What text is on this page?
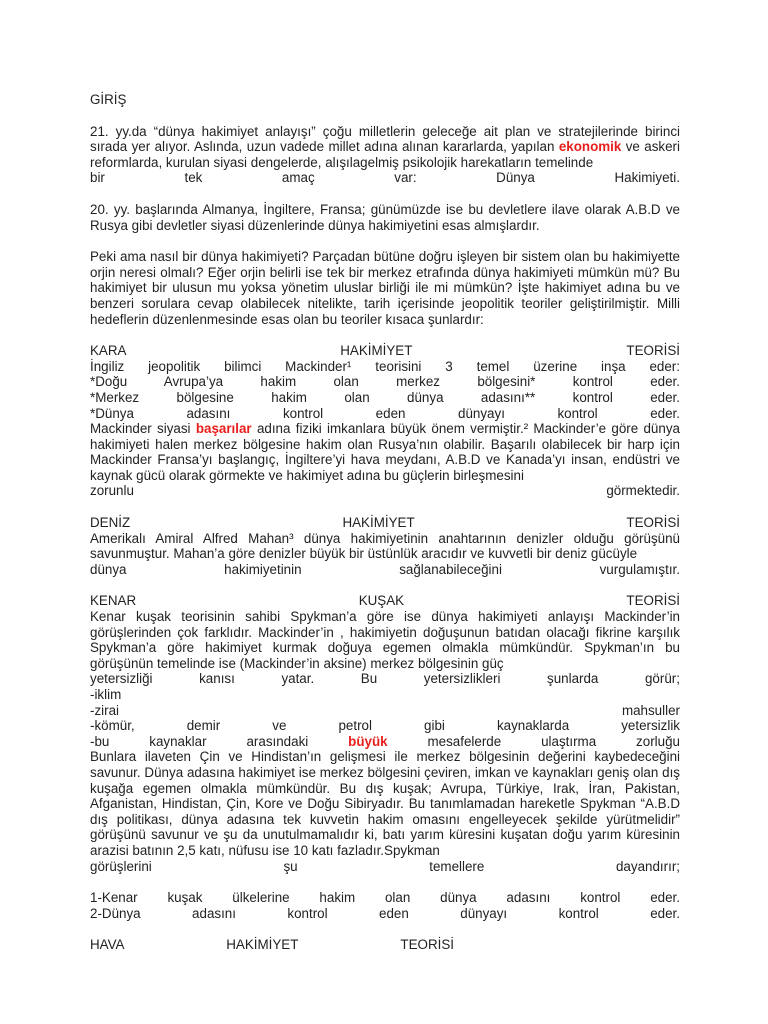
GİRİŞ

21. yy.da “dünya hakimiyet anlayışı” çoğu milletlerin geleceğe ait plan ve stratejilerinde birinci sırada yer alıyor. Aslında, uzun vadede millet adına alınan kararlarda, yapılan ekonomik ve askeri reformlarda, kurulan siyasi dengelerde, alışılagelmiş psikolojik harekatların temelinde

bir	tek	amaç	var:	Dünya	Hakimiyeti.

20. yy. başlarında Almanya, İngiltere, Fransa; günümüzde ise bu devletlere ilave olarak A.B.D ve Rusya gibi devletler siyasi düzenlerinde dünya hakimiyetini esas almışlardır.

Peki ama nasıl bir dünya hakimiyeti? Parçadan bütüne doğru işleyen bir sistem olan bu hakimiyette orjin neresi olmalı? Eğer orjin belirli ise tek bir merkez etrafında dünya hakimiyeti mümkün mü? Bu hakimiyet bir ulusun mu yoksa yönetim uluslar birliği ile mi mümkün? İşte hakimiyet adına bu ve benzeri sorulara cevap olabilecek nitelikte, tarih içerisinde jeopolitik teoriler geliştirilmiştir. Milli hedeflerin düzenlenmesinde esas olan bu teoriler kısaca şunlardır:

KARA	HAKİMİYET	TEORİSİ

İngiliz jeopolitik bilimci Mackinder¹ teorisini 3 temel üzerine inşa eder:

*Doğu Avrupa’ya hakim olan merkez bölgesini* kontrol eder.

*Merkez bölgesine hakim olan dünya adasını** kontrol eder.

*Dünya adasını kontrol eden dünyayı kontrol eder.

Mackinder siyasi başarılar adına fiziki imkanlara büyük önem vermiştir.² Mackinder’e göre dünya hakimiyeti halen merkez bölgesine hakim olan Rusya’nın olabilir. Başarılı olabilecek bir harp için Mackinder Fransa’yı başlangıç, İngiltere’yi hava meydanı, A.B.D ve Kanada’yı insan, endüstri ve kaynak gücü olarak görmekte ve hakimiyet adına bu güçlerin birleşmesini

zorunlu	görmektedir.

DENİZ	HAKİMİYET	TEORİSİ

Amerikalı Amiral Alfred Mahan³ dünya hakimiyetinin anahtarının denizler olduğu görüşünü savunmuştur. Mahan’a göre denizler büyük bir üstünlük aracıdır ve kuvvetli bir deniz gücüyle

dünya	hakimiyetinin	sağlanabileceğini	vurgulamıştır.

KENAR	KUŞAK	TEORİSİ

Kenar kuşak teorisinin sahibi Spykman’a göre ise dünya hakimiyeti anlayışı Mackinder’in görüşlerinden çok farklıdır. Mackinder’in , hakimiyetin doğuşunun batıdan olacağı fikrine karşılık Spykman’a göre hakimiyet kurmak doğuya egemen olmakla mümkündür. Spykman’ın bu görüşünün temelinde ise (Mackinder’in aksine) merkez bölgesinin güç

yetersizliği	kanısı	yatar.	Bu	yetersizlikleri	şunlarda	görür;

-iklim

-zirai	mahsuller

-kömür, demir ve petrol gibi kaynaklarda yetersizlik

-bu kaynaklar arasındaki	büyük	mesafelerde ulaştırma zorluğu

Bunlara ilaveten Çin ve Hindistan’ın gelişmesi ile merkez bölgesinin değerini kaybedeceğini savunur. Dünya adasına hakimiyet ise merkez bölgesini çeviren, imkan ve kaynakları geniş olan dış kuşağa egemen olmakla mümkündür. Bu dış kuşak; Avrupa, Türkiye, Irak, İran, Pakistan, Afganistan, Hindistan, Çin, Kore ve Doğu Sibiryadır. Bu tanımlamadan hareketle Spykman “A.B.D dış politikası, dünya adasına tek kuvvetin hakim omasını engelleyecek şekilde yürütmelidir” görüşünü savunur ve şu da unutulmamalıdır ki, batı yarım küresini kuşatan doğu yarım küresinin arazisi batının 2,5 katı, nüfusu ise 10 katı fazladır.Spykman

görüşlerini	şu	temellere	dayandırır;

1-Kenar kuşak ülkelerine hakim olan dünya adasını kontrol eder.

2-Dünya adasını kontrol eden dünyayı kontrol eder.

HAVA	HAKİMİYET	TEORİSİ
